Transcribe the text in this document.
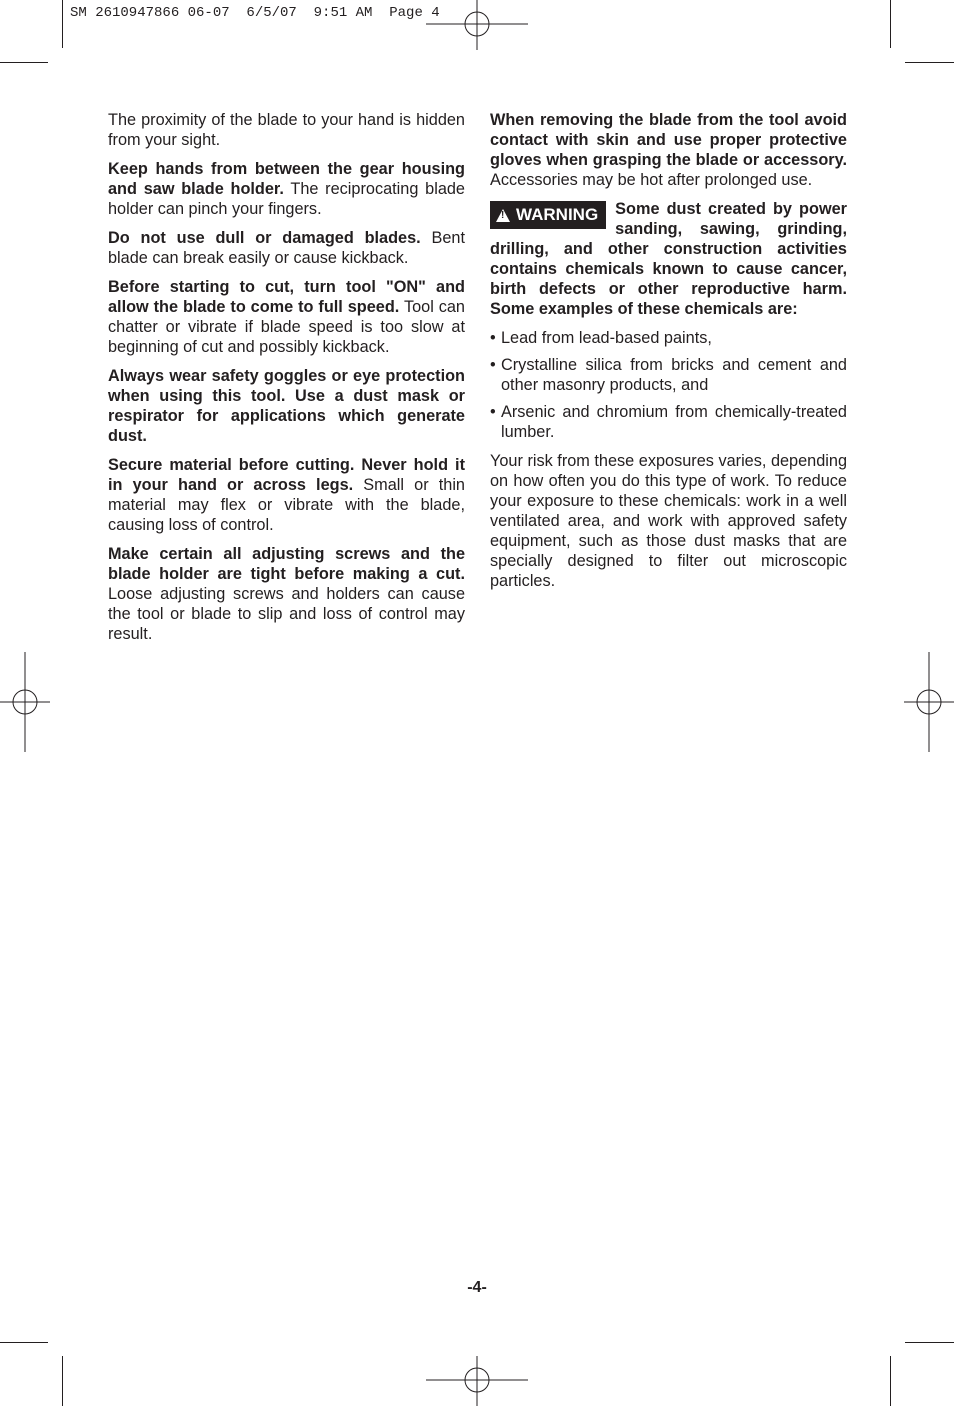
SM 2610947866 06-07  6/5/07  9:51 AM  Page 4

The proximity of the blade to your hand is hidden from your sight.

Keep hands from between the gear housing and saw blade holder. The reciprocating blade holder can pinch your fingers.

Do not use dull or damaged blades. Bent blade can break easily or cause kickback.

Before starting to cut, turn tool "ON" and allow the blade to come to full speed. Tool can chatter or vibrate if blade speed is too slow at beginning of cut and possibly kickback.

Always wear safety goggles or eye protection when using this tool. Use a dust mask or respirator for applications which generate dust.

Secure material before cutting. Never hold it in your hand or across legs. Small or thin material may flex or vibrate with the blade, causing loss of control.

Make certain all adjusting screws and the blade holder are tight before making a cut. Loose adjusting screws and holders can cause the tool or blade to slip and loss of control may result.

When removing the blade from the tool avoid contact with skin and use proper protective gloves when grasping the blade or accessory. Accessories may be hot after prolonged use.

!
WARNING Some dust created by power sanding, sawing, grinding, drilling, and other construction activities contains chemicals known to cause cancer, birth defects or other reproductive harm. Some examples of these chemicals are:

• Lead from lead-based paints,
• Crystalline silica from bricks and cement and other masonry products, and
• Arsenic and chromium from chemically-treated lumber.

Your risk from these exposures varies, depending on how often you do this type of work. To reduce your exposure to these chemicals: work in a well ventilated area, and work with approved safety equipment, such as those dust masks that are specially designed to filter out microscopic particles.

-4-
